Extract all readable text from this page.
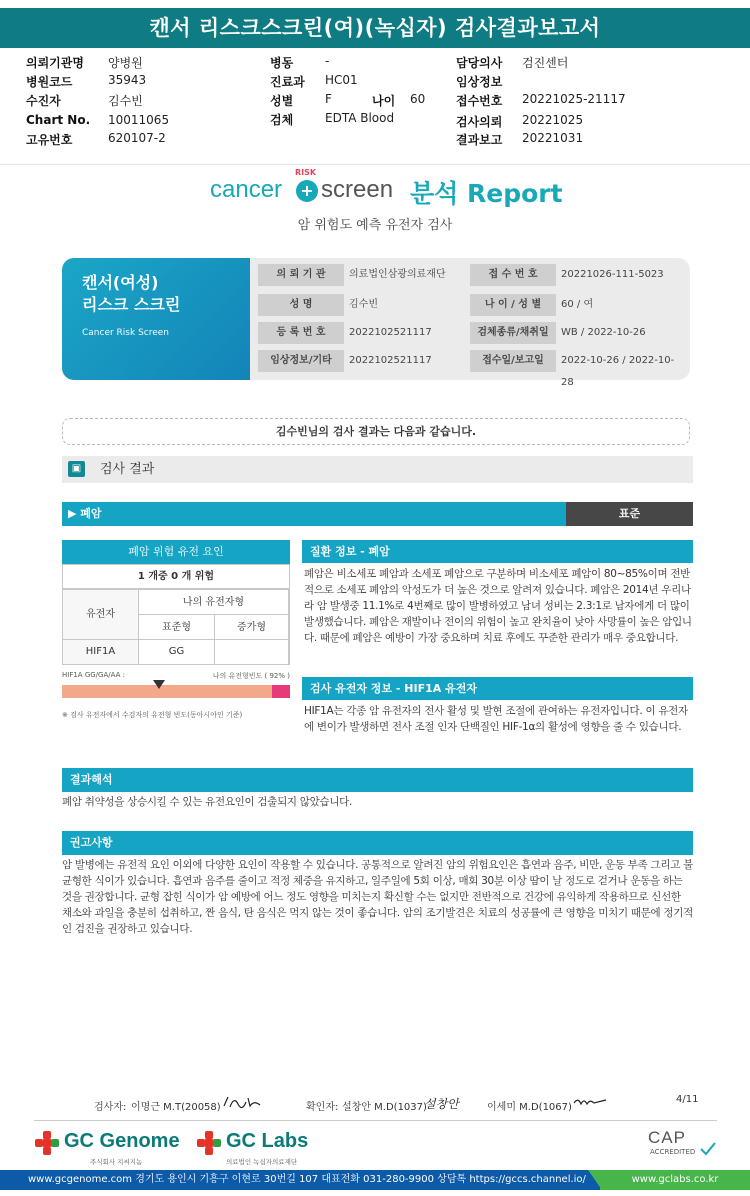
캔서 리스크스크린(여)(녹십자) 검사결과보고서
의뢰기관명 양병원
병원코드	35943
수진자	김수빈
Chart No. 10011065
고유번호	620107-2
병동	-
진료과 HC01
성별	F	나이 60
검체	EDTA Blood
담당의사 검진센터
임상정보
접수번호 20221025-21117
검사의뢰 20221025
결과보고 20221031
cancer
RISK
+ screen 분석 Report
암 위험도 예측 유전자 검사
캔서(여성)
리스크 스크린
Cancer Risk Screen
의 뢰 기 관	의료법인삼광의료재단	접 수 번 호	20221026-111-5023
성 명	김수빈	나 이 / 성 별	60 / 여
등 록 번 호	2022102521117	검체종류/채취일	WB / 2022-10-26
임상정보/기타	2022102521117	접수일/보고일	2022-10-26 / 2022-10-28
김수빈님의 검사 결과는 다음과 같습니다.
▣ 검사 결과
▶ 폐암	표준
폐암 위험 유전 요인
1 개중 0 개 위험
유전자
나의 유전자형
표준형	증가형
HIF1A	GG
HIF1A GG/GA/AA :	나의 유전형빈도 ( 92% )
※ 검사 유전자에서 수검자의 유전형 빈도(동아시아인 기준)
질환 정보 - 폐암
폐암은 비소세포 폐암과 소세포 폐암으로 구분하며 비소세포 폐암이 80~85%이며 전반적으로 소세포 폐암의 악성도가 더 높은 것으로 알려져 있습니다. 폐암은 2014년 우리나라 암 발생중 11.1%로 4번째로 많이 발병하였고 남녀 성비는 2.3:1로 남자에게 더 많이 발생했습니다. 폐암은 재발이나 전이의 위험이 높고 완치율이 낮아 사망률이 높은 암입니다. 때문에 폐암은 예방이 가장 중요하며 치료 후에도 꾸준한 관리가 매우 중요합니다.
검사 유전자 정보 - HIF1A 유전자
HIF1A는 각종 암 유전자의 전사 활성 및 발현 조절에 관여하는 유전자입니다. 이 유전자에 변이가 발생하면 전사 조절 인자 단백질인 HIF-1α의 활성에 영향을 줄 수 있습니다.
결과해석
폐암 취약성을 상승시킬 수 있는 유전요인이 검출되지 않았습니다.
권고사항
암 발병에는 유전적 요인 이외에 다양한 요인이 작용할 수 있습니다. 공통적으로 알려진 암의 위험요인은 흡연과 음주, 비만, 운동 부족 그리고 불균형한 식이가 있습니다. 흡연과 음주를 줄이고 적정 체중을 유지하고, 일주일에 5회 이상, 매회 30분 이상 땀이 날 정도로 걷거나 운동을 하는 것을 권장합니다. 균형 잡힌 식이가 암 예방에 어느 정도 영향을 미치는지 확신할 수는 없지만 전반적으로 건강에 유익하게 작용하므로 신선한 채소와 과일을 충분히 섭취하고, 짠 음식, 탄 음식은 먹지 않는 것이 좋습니다. 암의 조기발견은 치료의 성공률에 큰 영향을 미치기 때문에 정기적인 검진을 권장하고 있습니다.
검사자: 이명근 M.T(20058)	확인자: 설창안 M.D(1037)
설창안	이세미 M.D(1067)
4/11
GC Genome
주식회사 지씨지놈
GC Labs
의료법인 녹십자의료재단
CAP
ACCREDITED
www.gcgenome.com 경기도 용인시 기흥구 이현로 30번길 107 대표전화 031-280-9900 상담톡 https://gccs.channel.io/	www.gclabs.co.kr
